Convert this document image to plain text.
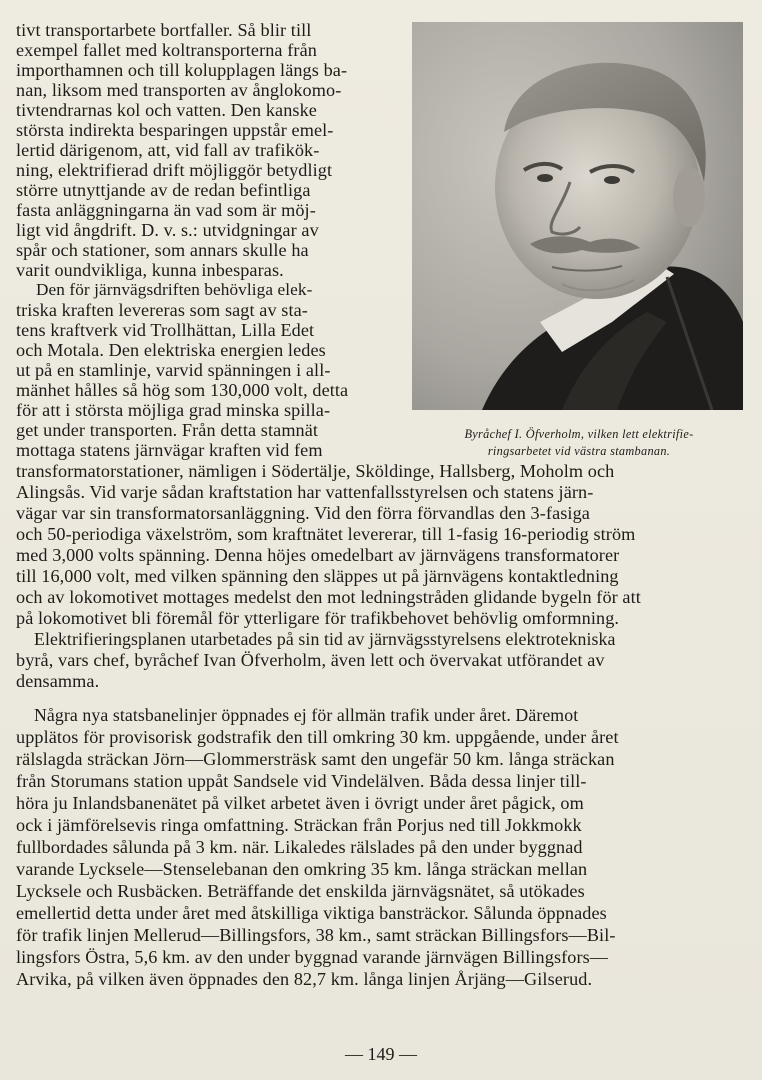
Byråchef I. Öfverholm, vilken lett elektrifie-
ringsarbetet vid västra stambanan.
tivt transportarbete bortfaller. Så blir till
exempel fallet med koltransporterna från
importhamnen och till kolupplagen längs ba-
nan, liksom med transporten av ånglokomo-
tivtendrarnas kol och vatten. Den kanske
största indirekta besparingen uppstår emel-
lertid därigenom, att, vid fall av trafikök-
ning, elektrifierad drift möjliggör betydligt
större utnyttjande av de redan befintliga
fasta anläggningarna än vad som är möj-
ligt vid ångdrift. D. v. s.: utvidgningar av
spår och stationer, som annars skulle ha
varit oundvikliga, kunna inbesparas.
Den för järnvägsdriften behövliga elek-
triska kraften levereras som sagt av sta-
tens kraftverk vid Trollhättan, Lilla Edet
och Motala. Den elektriska energien ledes
ut på en stamlinje, varvid spänningen i all-
mänhet hålles så hög som 130,000 volt, detta
för att i största möjliga grad minska spilla-
get under transporten. Från detta stamnät
mottaga statens järnvägar kraften vid fem
transformatorstationer, nämligen i Södertälje, Sköldinge, Hallsberg, Moholm och
Alingsås. Vid varje sådan kraftstation har vattenfallsstyrelsen och statens järn-
vägar var sin transformatorsanläggning. Vid den förra förvandlas den 3-fasiga
och 50-periodiga växelström, som kraftnätet levererar, till 1-fasig 16-periodig ström
med 3,000 volts spänning. Denna höjes omedelbart av järnvägens transformatorer
till 16,000 volt, med vilken spänning den släppes ut på järnvägens kontaktledning
och av lokomotivet mottages medelst den mot ledningstråden glidande bygeln för att
på lokomotivet bli föremål för ytterligare för trafikbehovet behövlig omformning.
Elektrifieringsplanen utarbetades på sin tid av järnvägsstyrelsens elektrotekniska
byrå, vars chef, byråchef Ivan Öfverholm, även lett och övervakat utförandet av
densamma.
Några nya statsbanelinjer öppnades ej för allmän trafik under året. Däremot
upplätos för provisorisk godstrafik den till omkring 30 km. uppgående, under året
rälslagda sträckan Jörn—Glommersträsk samt den ungefär 50 km. långa sträckan
från Storumans station uppåt Sandsele vid Vindelälven. Båda dessa linjer till-
höra ju Inlandsbanenätet på vilket arbetet även i övrigt under året pågick, om
ock i jämförelsevis ringa omfattning. Sträckan från Porjus ned till Jokkmokk
fullbordades sålunda på 3 km. när. Likaledes rälslades på den under byggnad
varande Lycksele—Stenselebanan den omkring 35 km. långa sträckan mellan
Lycksele och Rusbäcken. Beträffande det enskilda järnvägsnätet, så utökades
emellertid detta under året med åtskilliga viktiga bansträckor. Sålunda öppnades
för trafik linjen Mellerud—Billingsfors, 38 km., samt sträckan Billingsfors—Bil-
lingsfors Östra, 5,6 km. av den under byggnad varande järnvägen Billingsfors—
Arvika, på vilken även öppnades den 82,7 km. långa linjen Årjäng—Gilserud.
— 149 —
